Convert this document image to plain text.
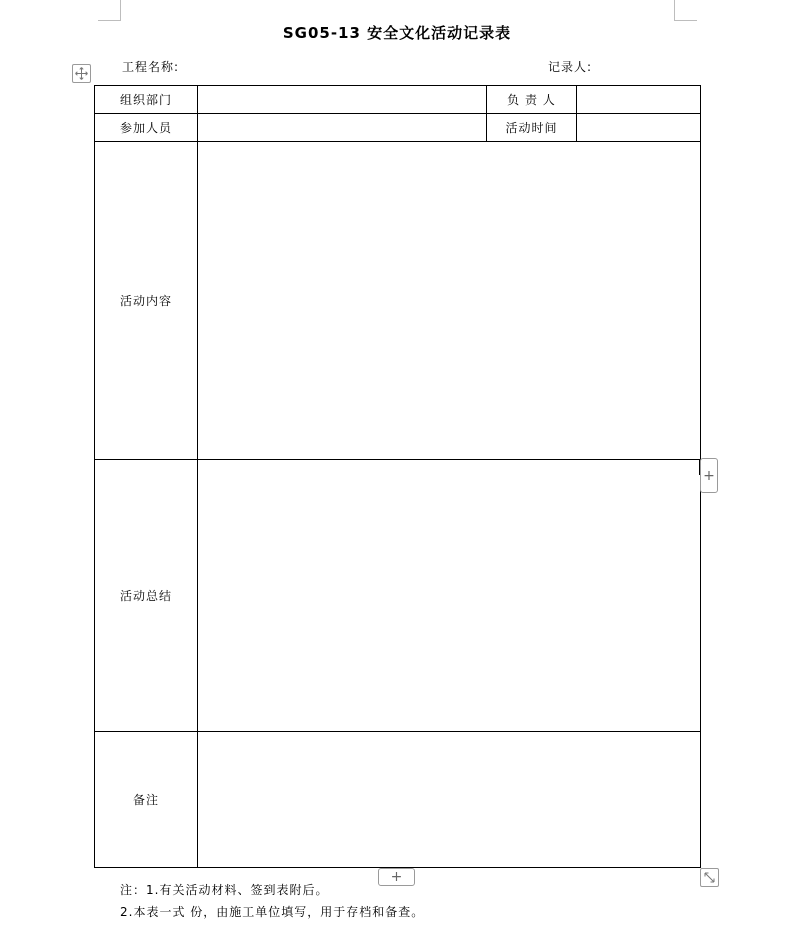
SG05-13 安全文化活动记录表
工程名称:	记录人:
组织部门		负 责 人	
参加人员		活动时间	
活动内容			
活动总结			
备注			
+
+
注：1.有关活动材料、签到表附后。
2.本表一式 份，由施工单位填写，用于存档和备查。
